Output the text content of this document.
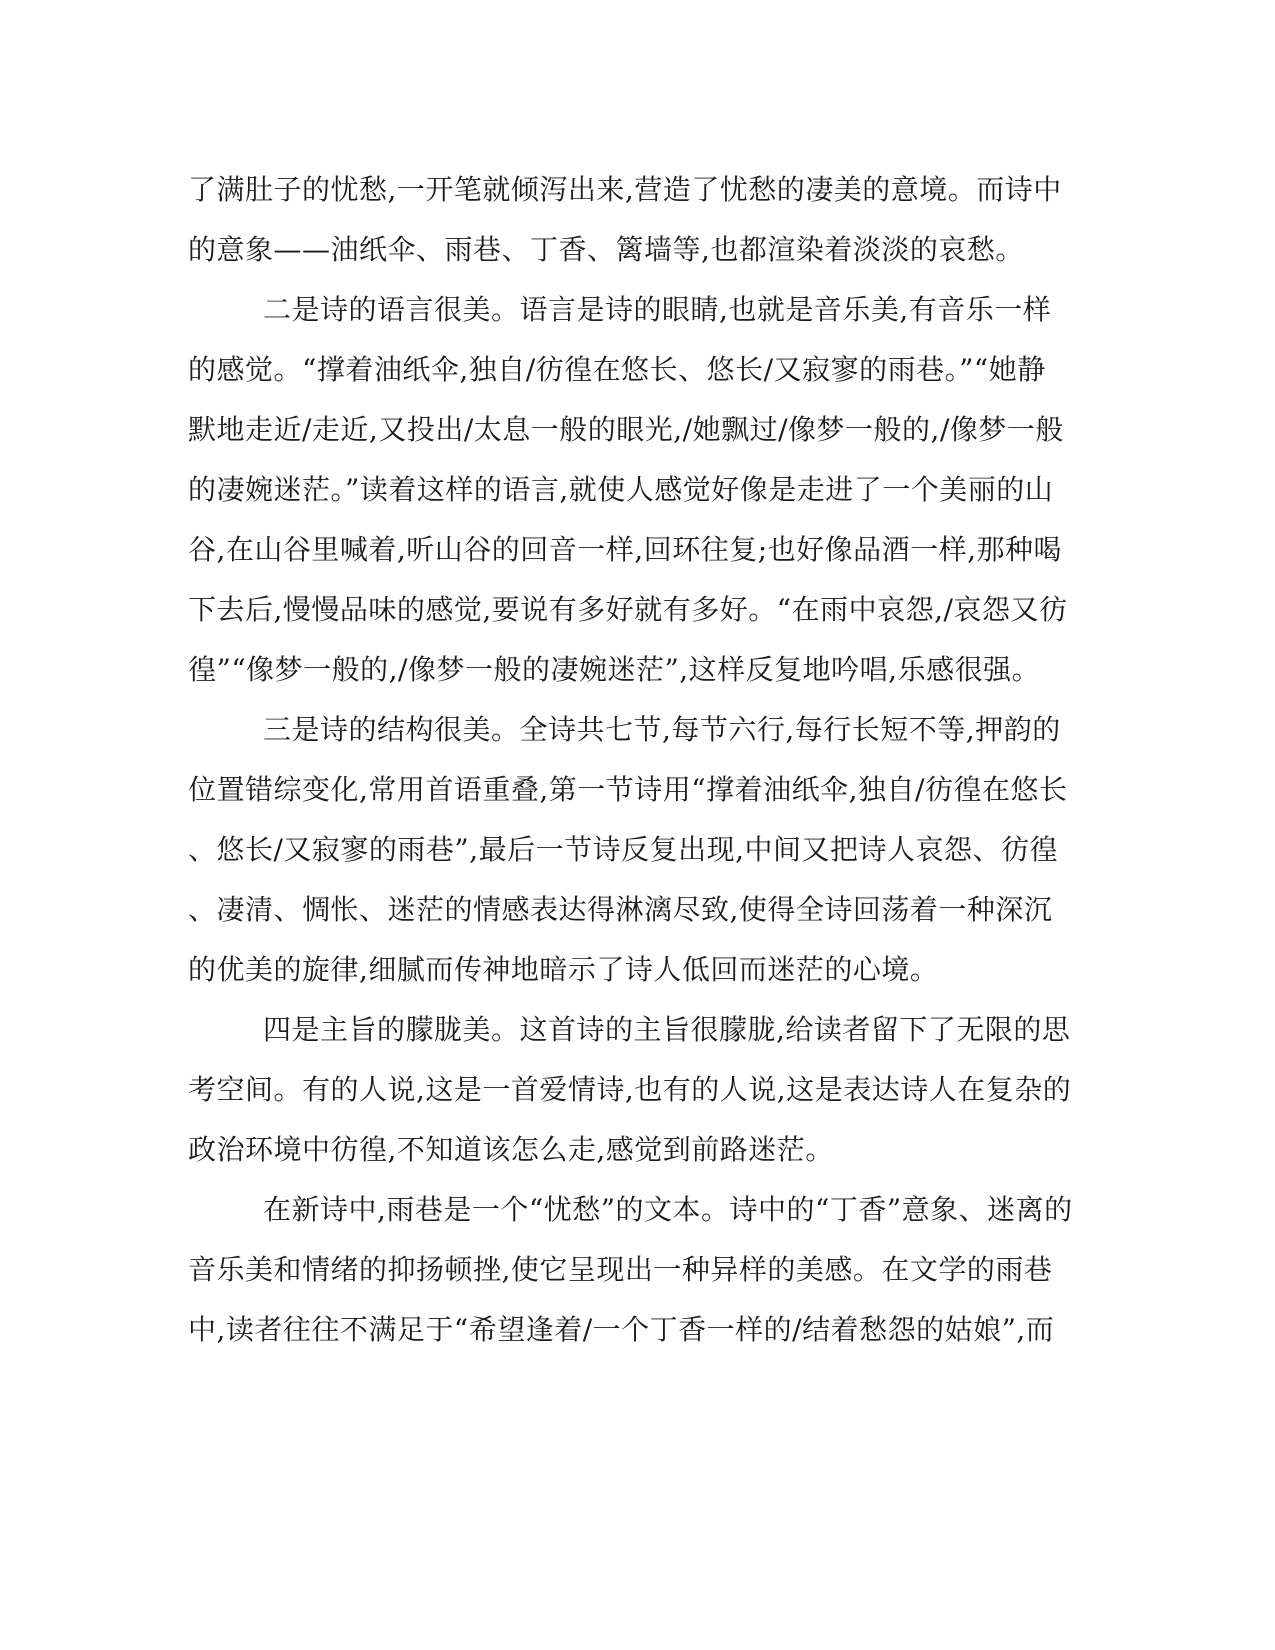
了满肚子的忧愁,一开笔就倾泻出来,营造了忧愁的凄美的意境。而诗中
的意象——油纸伞、雨巷、丁香、篱墙等,也都渲染着淡淡的哀愁。
二是诗的语言很美。语言是诗的眼睛,也就是音乐美,有音乐一样
的感觉。“撑着油纸伞,独自/彷徨在悠长、悠长/又寂寥的雨巷。”“她静
默地走近/走近,又投出/太息一般的眼光,/她飘过/像梦一般的,/像梦一般
的凄婉迷茫。”读着这样的语言,就使人感觉好像是走进了一个美丽的山
谷,在山谷里喊着,听山谷的回音一样,回环往复;也好像品酒一样,那种喝
下去后,慢慢品味的感觉,要说有多好就有多好。“在雨中哀怨,/哀怨又彷
徨”“像梦一般的,/像梦一般的凄婉迷茫”,这样反复地吟唱,乐感很强。
三是诗的结构很美。全诗共七节,每节六行,每行长短不等,押韵的
位置错综变化,常用首语重叠,第一节诗用“撑着油纸伞,独自/彷徨在悠长
、悠长/又寂寥的雨巷”,最后一节诗反复出现,中间又把诗人哀怨、彷徨
、凄清、惆怅、迷茫的情感表达得淋漓尽致,使得全诗回荡着一种深沉
的优美的旋律,细腻而传神地暗示了诗人低回而迷茫的心境。
四是主旨的朦胧美。这首诗的主旨很朦胧,给读者留下了无限的思
考空间。有的人说,这是一首爱情诗,也有的人说,这是表达诗人在复杂的
政治环境中彷徨,不知道该怎么走,感觉到前路迷茫。
在新诗中,雨巷是一个“忧愁”的文本。诗中的“丁香”意象、迷离的
音乐美和情绪的抑扬顿挫,使它呈现出一种异样的美感。在文学的雨巷
中,读者往往不满足于“希望逢着/一个丁香一样的/结着愁怨的姑娘”,而
